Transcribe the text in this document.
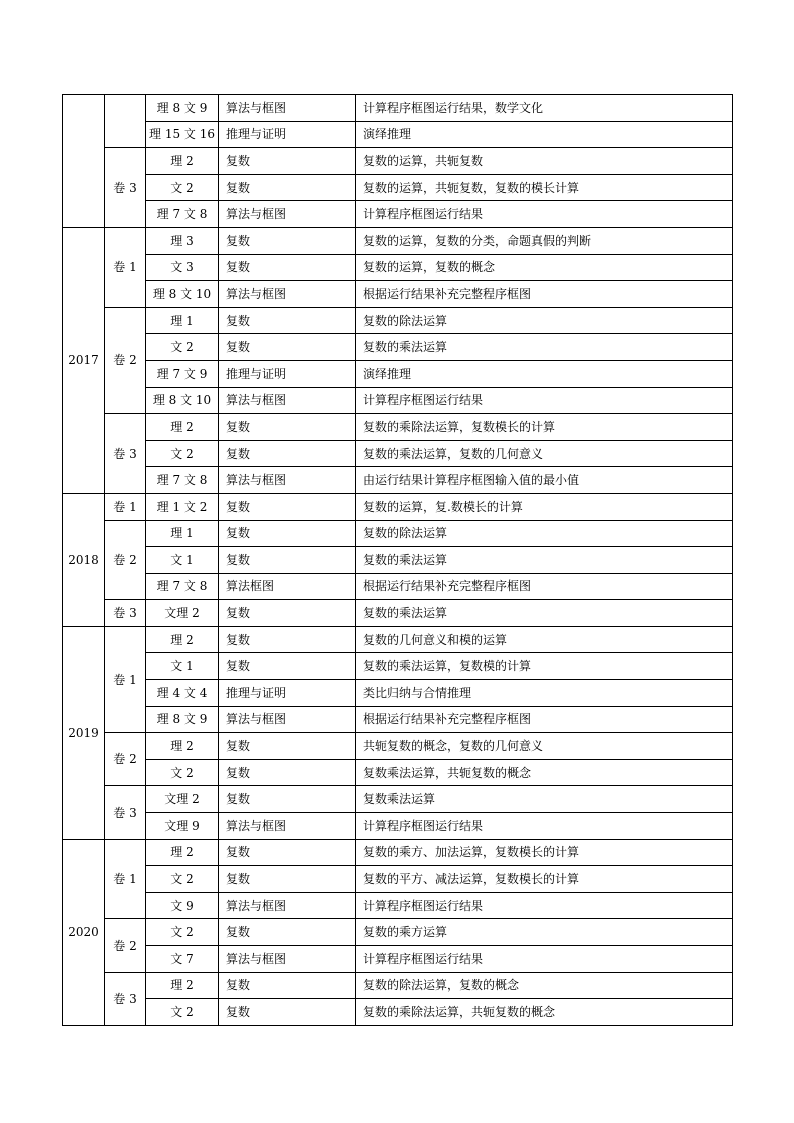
		理 8 文 9	算法与框图	计算程序框图运行结果，数学文化
		理 15 文 16	推理与证明	演绎推理
	卷 3	理 2	复数	复数的运算，共轭复数
		文 2	复数	复数的运算，共轭复数，复数的模长计算
		理 7 文 8	算法与框图	计算程序框图运行结果
2017	卷 1	理 3	复数	复数的运算，复数的分类，命题真假的判断
		文 3	复数	复数的运算，复数的概念
		理 8 文 10	算法与框图	根据运行结果补充完整程序框图
	卷 2	理 1	复数	复数的除法运算
		文 2	复数	复数的乘法运算
		理 7 文 9	推理与证明	演绎推理
		理 8 文 10	算法与框图	计算程序框图运行结果
	卷 3	理 2	复数	复数的乘除法运算，复数模长的计算
		文 2	复数	复数的乘法运算，复数的几何意义
		理 7 文 8	算法与框图	由运行结果计算程序框图输入值的最小值
2018	卷 1	理 1 文 2	复数	复数的运算，复.数模长的计算
	卷 2	理 1	复数	复数的除法运算
		文 1	复数	复数的乘法运算
		理 7 文 8	算法框图	根据运行结果补充完整程序框图
	卷 3	文理 2	复数	复数的乘法运算
2019	卷 1	理 2	复数	复数的几何意义和模的运算
		文 1	复数	复数的乘法运算，复数模的计算
		理 4 文 4	推理与证明	类比归纳与合情推理
		理 8 文 9	算法与框图	根据运行结果补充完整程序框图
	卷 2	理 2	复数	共轭复数的概念，复数的几何意义
		文 2	复数	复数乘法运算，共轭复数的概念
	卷 3	文理 2	复数	复数乘法运算
		文理 9	算法与框图	计算程序框图运行结果
2020	卷 1	理 2	复数	复数的乘方、加法运算，复数模长的计算
		文 2	复数	复数的平方、减法运算，复数模长的计算
		文 9	算法与框图	计算程序框图运行结果
	卷 2	文 2	复数	复数的乘方运算
		文 7	算法与框图	计算程序框图运行结果
	卷 3	理 2	复数	复数的除法运算，复数的概念
		文 2	复数	复数的乘除法运算，共轭复数的概念
